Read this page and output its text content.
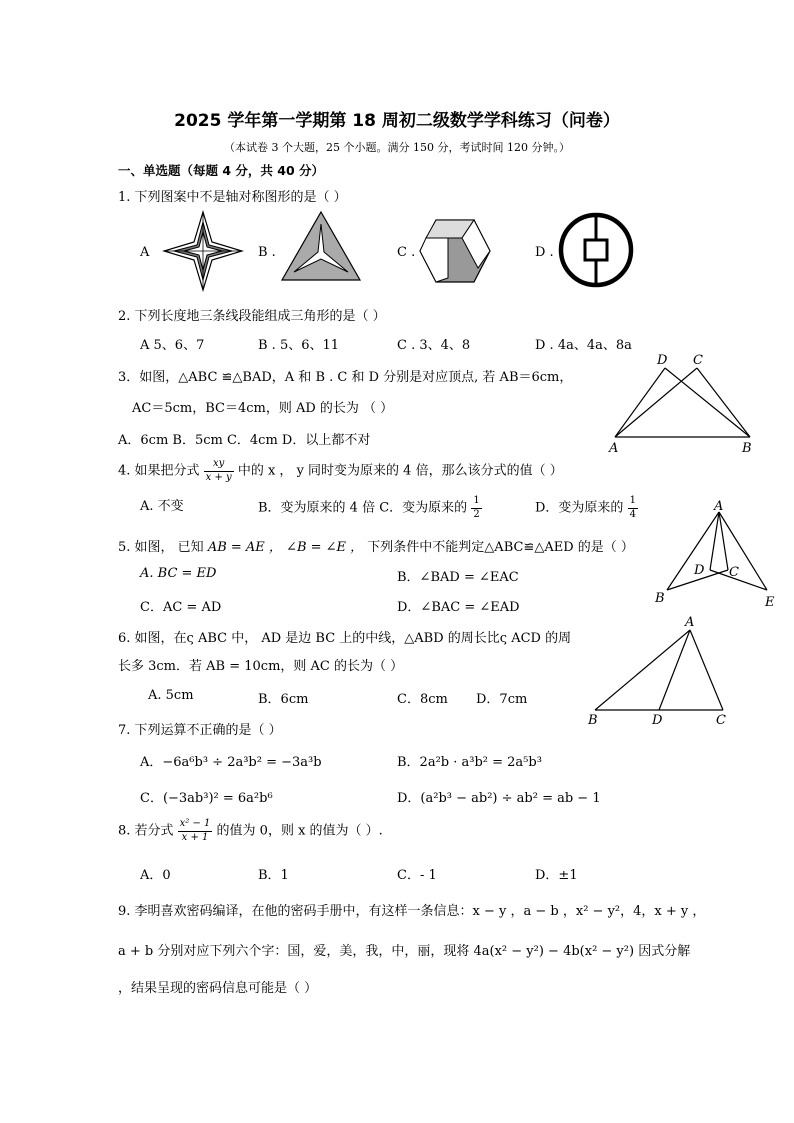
2025 学年第一学期第 18 周初二级数学学科练习（问卷）
（本试卷 3 个大题，25 个小题。满分 150 分，考试时间 120 分钟。）
一、单选题（每题 4 分，共 40 分）
1. 下列图案中不是轴对称图形的是（ ）
A	B .	C .	D .
2. 下列长度地三条线段能组成三角形的是（ ）
A 5、6、7	B . 5、6、11	C . 3、4、8	D . 4a、4a、8a
3．如图，△ABC ≌△BAD，A 和 B . C 和 D 分别是对应顶点, 若 AB＝6cm，
AC＝5cm，BC＝4cm，则 AD 的长为 （ ）
A．6cm B．5cm C．4cm D．以上都不对
D C
A	B
4. 如果把分式 $\frac{xy}{x + y}$ 中的 x ， y 同时变为原来的 4 倍，那么该分式的值（ ）
A. 不变	B．变为原来的 4 倍 C．变为原来的 $\frac{1}{2}$	D．变为原来的 $\frac{1}{4}$
5. 如图， 已知 AB = AE ， ∠B = ∠E ， 下列条件中不能判定△ABC≌△AED 的是（ ）
A. BC = ED	B．∠BAD = ∠EAC
C．AC = AD	D．∠BAC = ∠EAD
A
B
D C
E
6. 如图，在ς ABC 中， AD 是边 BC 上的中线，△ABD 的周长比ς ACD 的周
长多 3cm．若 AB = 10cm，则 AC 的长为（ ）
A. 5cm	B．6cm	C．8cm D．7cm
A
B	D	C
7. 下列运算不正确的是（ ）
A．−6a⁶b³ ÷ 2a³b² = −3a³b	B．2a²b · a³b² = 2a⁵b³
C．(−3ab³)² = 6a²b⁶	D．(a²b³ − ab²) ÷ ab² = ab − 1
8. 若分式 $\frac{\text{x² − 1}}{x + 1}$ 的值为 0，则 x 的值为（ ）.
A．0	B．1	C．- 1	D．±1
9. 李明喜欢密码编译，在他的密码手册中，有这样一条信息：x − y ，a − b ，x² − y²，4，x + y ，
a + b 分别对应下列六个字：国，爱，美，我，中，丽，现将 4a(x² − y²) − 4b(x² − y²) 因式分解
，结果呈现的密码信息可能是（ ）
